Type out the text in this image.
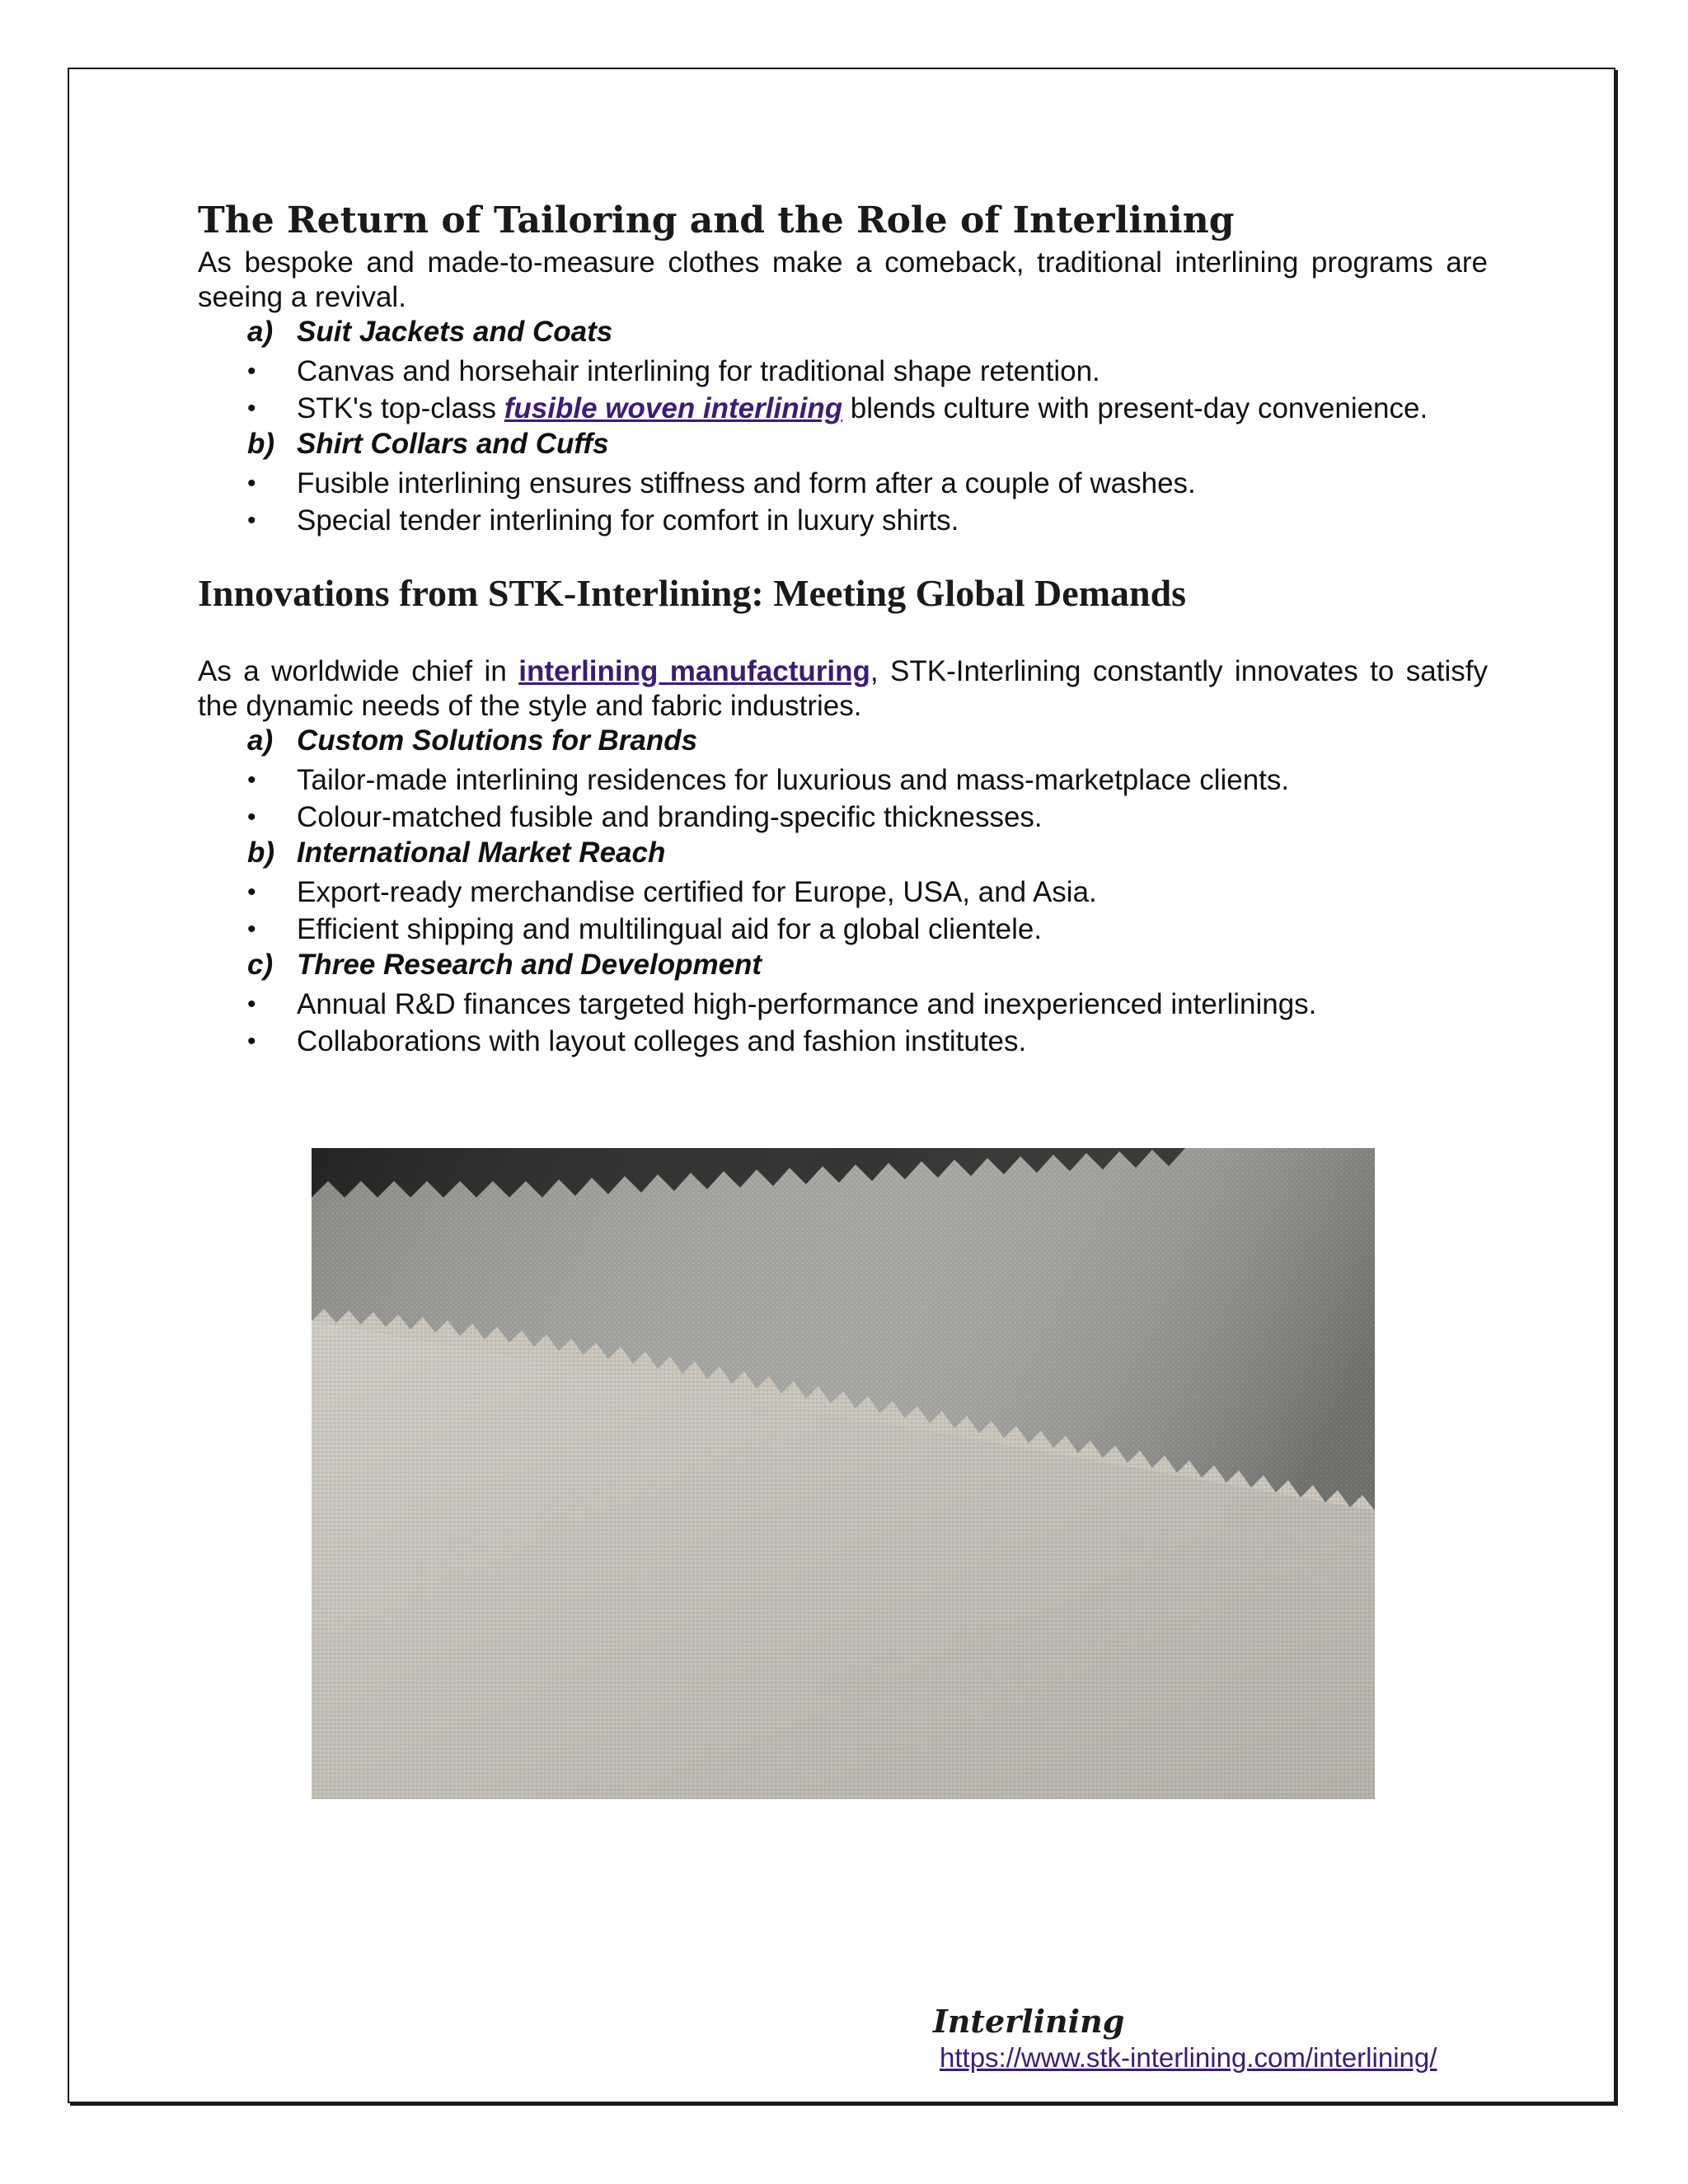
The Return of Tailoring and the Role of Interlining

As bespoke and made-to-measure clothes make a comeback, traditional interlining programs are seeing a revival.

a) Suit Jackets and Coats
•	Canvas and horsehair interlining for traditional shape retention.
•	STK's top-class fusible woven interlining blends culture with present-day convenience.
b) Shirt Collars and Cuffs
•	Fusible interlining ensures stiffness and form after a couple of washes.
•	Special tender interlining for comfort in luxury shirts.
Innovations from STK-Interlining: Meeting Global Demands

As a worldwide chief in interlining manufacturing, STK-Interlining constantly innovates to satisfy the dynamic needs of the style and fabric industries.

a) Custom Solutions for Brands
•	Tailor-made interlining residences for luxurious and mass-marketplace clients.
•	Colour-matched fusible and branding-specific thicknesses.
b) International Market Reach
•	Export-ready merchandise certified for Europe, USA, and Asia.
•	Efficient shipping and multilingual aid for a global clientele.
c) Three Research and Development
•	Annual R&D finances targeted high-performance and inexperienced interlinings.
•	Collaborations with layout colleges and fashion institutes.
Interlining
https://www.stk-interlining.com/interlining/
